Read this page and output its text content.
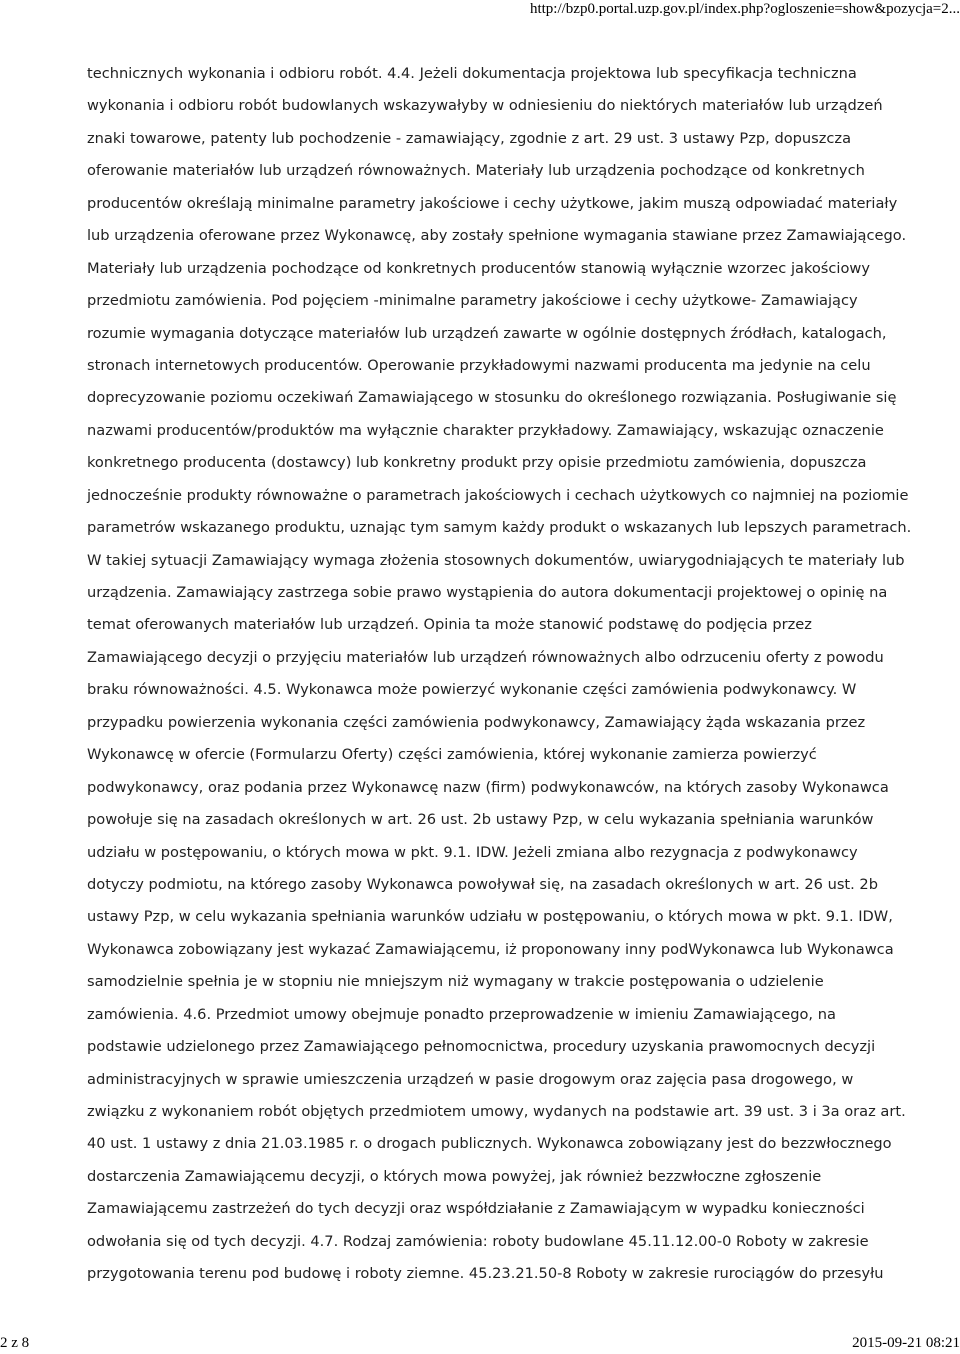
http://bzp0.portal.uzp.gov.pl/index.php?ogloszenie=show&pozycja=2...
technicznych wykonania i odbioru robót. 4.4. Jeżeli dokumentacja projektowa lub specyfikacja techniczna
wykonania i odbioru robót budowlanych wskazywałyby w odniesieniu do niektórych materiałów lub urządzeń
znaki towarowe, patenty lub pochodzenie - zamawiający, zgodnie z art. 29 ust. 3 ustawy Pzp, dopuszcza
oferowanie materiałów lub urządzeń równoważnych. Materiały lub urządzenia pochodzące od konkretnych
producentów określają minimalne parametry jakościowe i cechy użytkowe, jakim muszą odpowiadać materiały
lub urządzenia oferowane przez Wykonawcę, aby zostały spełnione wymagania stawiane przez Zamawiającego.
Materiały lub urządzenia pochodzące od konkretnych producentów stanowią wyłącznie wzorzec jakościowy
przedmiotu zamówienia. Pod pojęciem -minimalne parametry jakościowe i cechy użytkowe- Zamawiający
rozumie wymagania dotyczące materiałów lub urządzeń zawarte w ogólnie dostępnych źródłach, katalogach,
stronach internetowych producentów. Operowanie przykładowymi nazwami producenta ma jedynie na celu
doprecyzowanie poziomu oczekiwań Zamawiającego w stosunku do określonego rozwiązania. Posługiwanie się
nazwami producentów/produktów ma wyłącznie charakter przykładowy. Zamawiający, wskazując oznaczenie
konkretnego producenta (dostawcy) lub konkretny produkt przy opisie przedmiotu zamówienia, dopuszcza
jednocześnie produkty równoważne o parametrach jakościowych i cechach użytkowych co najmniej na poziomie
parametrów wskazanego produktu, uznając tym samym każdy produkt o wskazanych lub lepszych parametrach.
W takiej sytuacji Zamawiający wymaga złożenia stosownych dokumentów, uwiarygodniających te materiały lub
urządzenia. Zamawiający zastrzega sobie prawo wystąpienia do autora dokumentacji projektowej o opinię na
temat oferowanych materiałów lub urządzeń. Opinia ta może stanowić podstawę do podjęcia przez
Zamawiającego decyzji o przyjęciu materiałów lub urządzeń równoważnych albo odrzuceniu oferty z powodu
braku równoważności. 4.5. Wykonawca może powierzyć wykonanie części zamówienia podwykonawcy. W
przypadku powierzenia wykonania części zamówienia podwykonawcy, Zamawiający żąda wskazania przez
Wykonawcę w ofercie (Formularzu Oferty) części zamówienia, której wykonanie zamierza powierzyć
podwykonawcy, oraz podania przez Wykonawcę nazw (firm) podwykonawców, na których zasoby Wykonawca
powołuje się na zasadach określonych w art. 26 ust. 2b ustawy Pzp, w celu wykazania spełniania warunków
udziału w postępowaniu, o których mowa w pkt. 9.1. IDW. Jeżeli zmiana albo rezygnacja z podwykonawcy
dotyczy podmiotu, na którego zasoby Wykonawca powoływał się, na zasadach określonych w art. 26 ust. 2b
ustawy Pzp, w celu wykazania spełniania warunków udziału w postępowaniu, o których mowa w pkt. 9.1. IDW,
Wykonawca zobowiązany jest wykazać Zamawiającemu, iż proponowany inny podWykonawca lub Wykonawca
samodzielnie spełnia je w stopniu nie mniejszym niż wymagany w trakcie postępowania o udzielenie
zamówienia. 4.6. Przedmiot umowy obejmuje ponadto przeprowadzenie w imieniu Zamawiającego, na
podstawie udzielonego przez Zamawiającego pełnomocnictwa, procedury uzyskania prawomocnych decyzji
administracyjnych w sprawie umieszczenia urządzeń w pasie drogowym oraz zajęcia pasa drogowego, w
związku z wykonaniem robót objętych przedmiotem umowy, wydanych na podstawie art. 39 ust. 3 i 3a oraz art.
40 ust. 1 ustawy z dnia 21.03.1985 r. o drogach publicznych. Wykonawca zobowiązany jest do bezzwłocznego
dostarczenia Zamawiającemu decyzji, o których mowa powyżej, jak również bezzwłoczne zgłoszenie
Zamawiającemu zastrzeżeń do tych decyzji oraz współdziałanie z Zamawiającym w wypadku konieczności
odwołania się od tych decyzji. 4.7. Rodzaj zamówienia: roboty budowlane 45.11.12.00-0 Roboty w zakresie
przygotowania terenu pod budowę i roboty ziemne. 45.23.21.50-8 Roboty w zakresie rurociągów do przesyłu
2 z 8	2015-09-21 08:21
